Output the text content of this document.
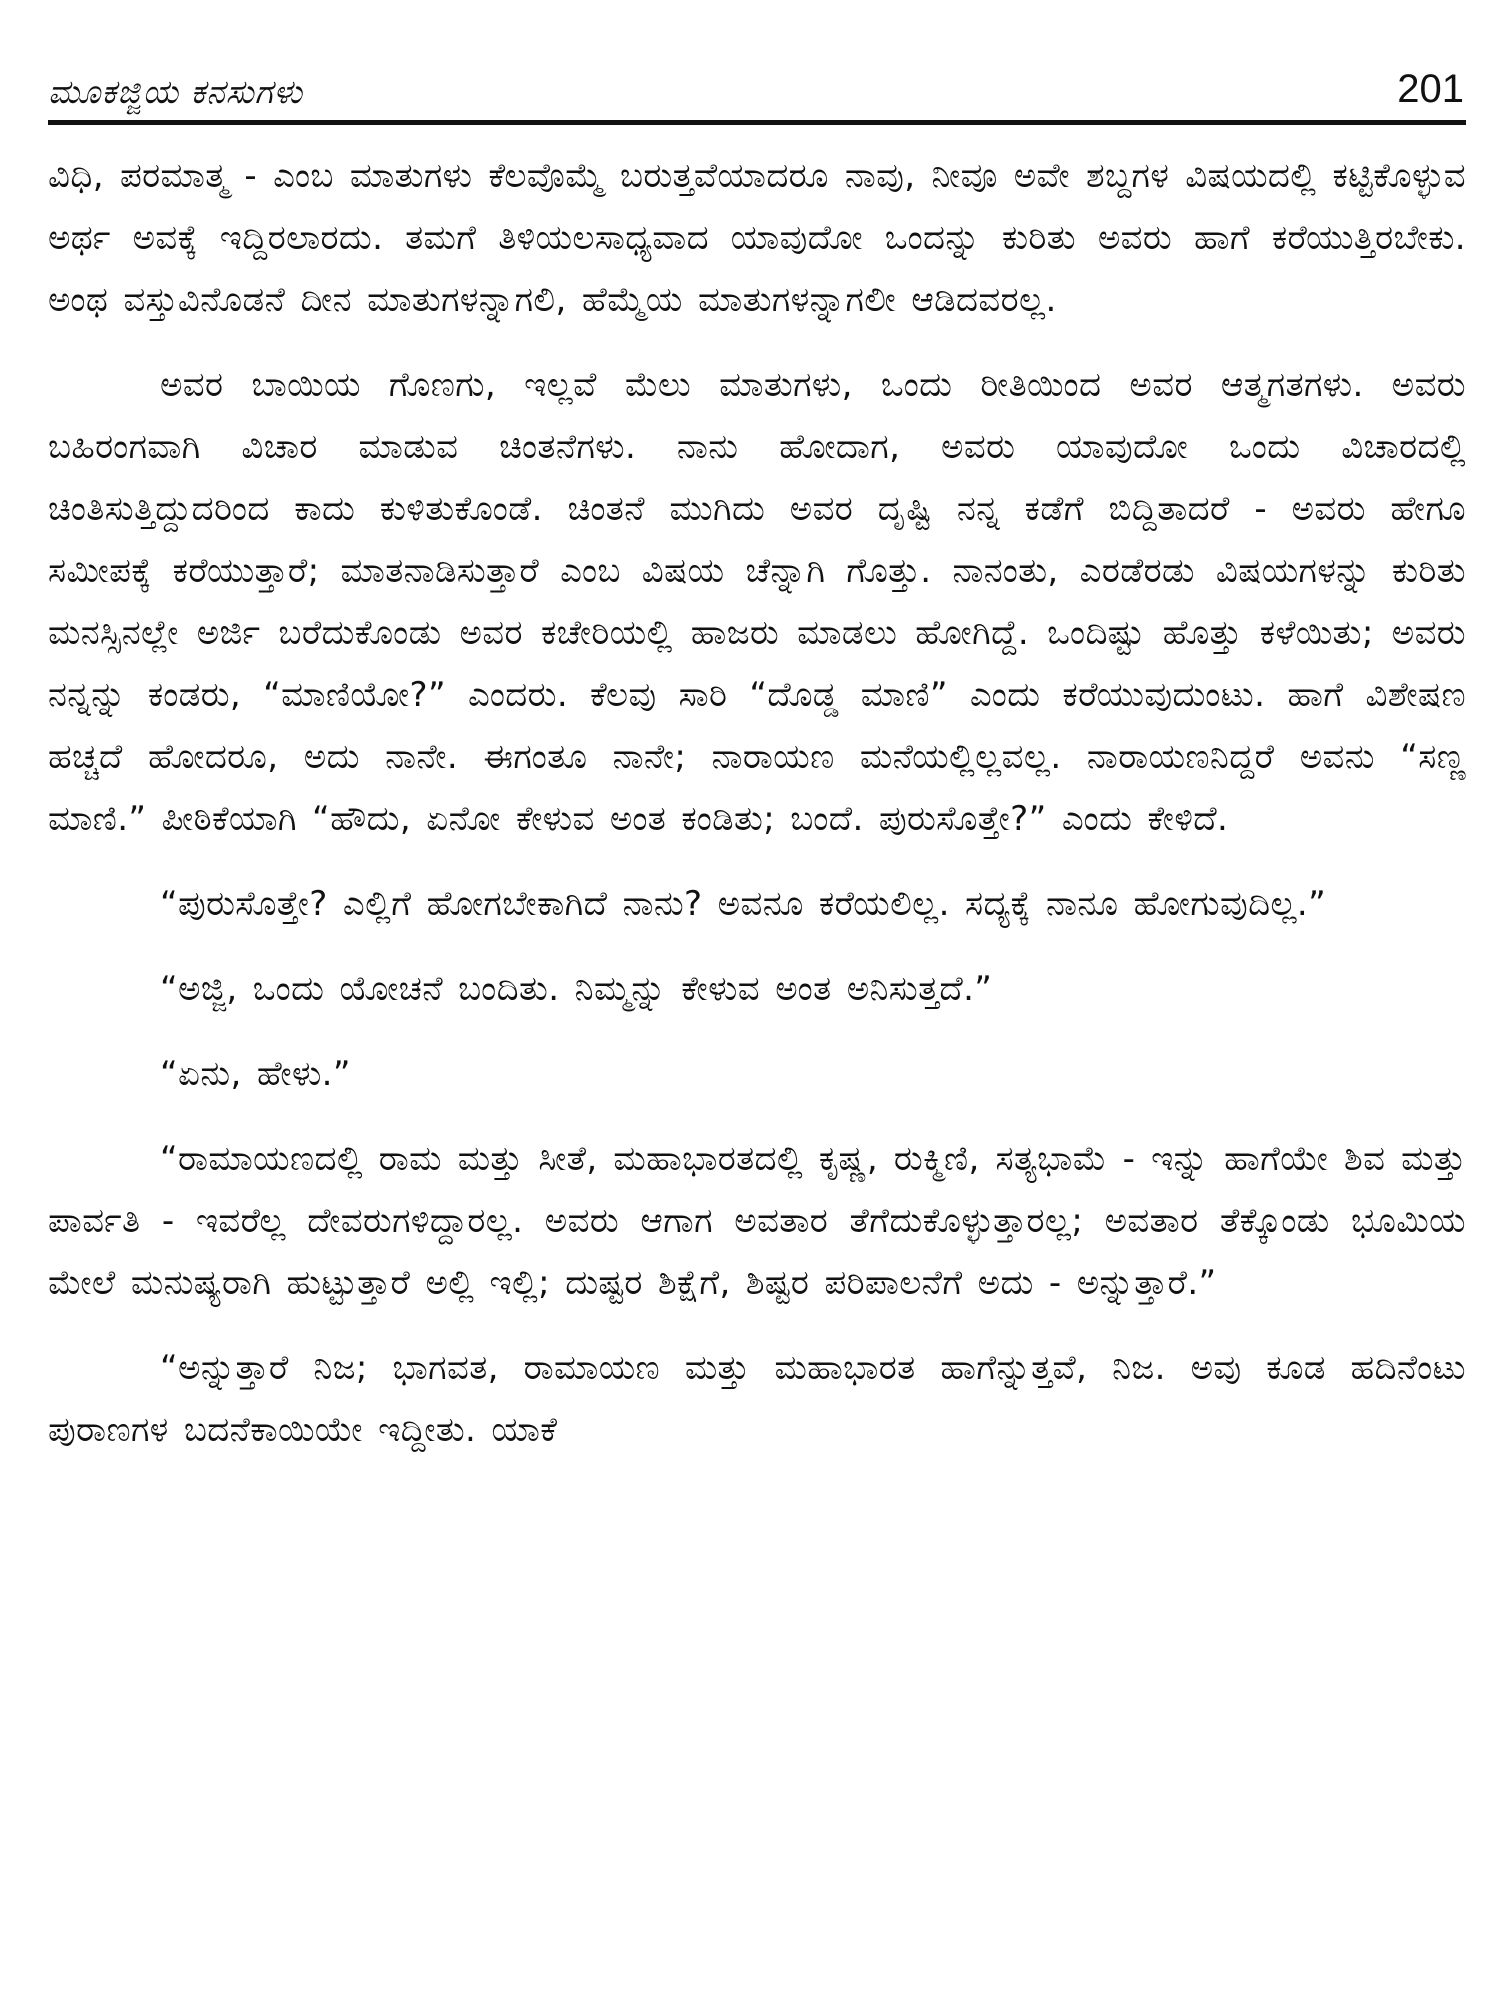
ಮೂಕಜ್ಜಿಯ ಕನಸುಗಳು	201

ವಿಧಿ, ಪರಮಾತ್ಮ - ಎಂಬ ಮಾತುಗಳು ಕೆಲವೊಮ್ಮೆ ಬರುತ್ತವೆಯಾದರೂ ನಾವು, ನೀವೂ ಅವೇ ಶಬ್ದಗಳ ವಿಷಯದಲ್ಲಿ ಕಟ್ಟಿಕೊಳ್ಳುವ ಅರ್ಥ ಅವಕ್ಕೆ ಇದ್ದಿರಲಾರದು. ತಮಗೆ ತಿಳಿಯಲಸಾಧ್ಯವಾದ ಯಾವುದೋ ಒಂದನ್ನು ಕುರಿತು ಅವರು ಹಾಗೆ ಕರೆಯುತ್ತಿರಬೇಕು. ಅಂಥ ವಸ್ತುವಿನೊಡನೆ ದೀನ ಮಾತುಗಳನ್ನಾಗಲಿ, ಹೆಮ್ಮೆಯ ಮಾತುಗಳನ್ನಾಗಲೀ ಆಡಿದವರಲ್ಲ.

ಅವರ ಬಾಯಿಯ ಗೊಣಗು, ಇಲ್ಲವೆ ಮೆಲು ಮಾತುಗಳು, ಒಂದು ರೀತಿಯಿಂದ ಅವರ ಆತ್ಮಗತಗಳು. ಅವರು ಬಹಿರಂಗವಾಗಿ ವಿಚಾರ ಮಾಡುವ ಚಿಂತನೆಗಳು. ನಾನು ಹೋದಾಗ, ಅವರು ಯಾವುದೋ ಒಂದು ವಿಚಾರದಲ್ಲಿ ಚಿಂತಿಸುತ್ತಿದ್ದುದರಿಂದ ಕಾದು ಕುಳಿತುಕೊಂಡೆ. ಚಿಂತನೆ ಮುಗಿದು ಅವರ ದೃಷ್ಟಿ ನನ್ನ ಕಡೆಗೆ ಬಿದ್ದಿತಾದರೆ - ಅವರು ಹೇಗೂ ಸಮೀಪಕ್ಕೆ ಕರೆಯುತ್ತಾರೆ; ಮಾತನಾಡಿಸುತ್ತಾರೆ ಎಂಬ ವಿಷಯ ಚೆನ್ನಾಗಿ ಗೊತ್ತು. ನಾನಂತು, ಎರಡೆರಡು ವಿಷಯಗಳನ್ನು ಕುರಿತು ಮನಸ್ಸಿನಲ್ಲೇ ಅರ್ಜಿ ಬರೆದುಕೊಂಡು ಅವರ ಕಚೇರಿಯಲ್ಲಿ ಹಾಜರು ಮಾಡಲು ಹೋಗಿದ್ದೆ. ಒಂದಿಷ್ಟು ಹೊತ್ತು ಕಳೆಯಿತು; ಅವರು ನನ್ನನ್ನು ಕಂಡರು, “ಮಾಣಿಯೋ?” ಎಂದರು. ಕೆಲವು ಸಾರಿ “ದೊಡ್ಡ ಮಾಣಿ” ಎಂದು ಕರೆಯುವುದುಂಟು. ಹಾಗೆ ವಿಶೇಷಣ ಹಚ್ಚದೆ ಹೋದರೂ, ಅದು ನಾನೇ. ಈಗಂತೂ ನಾನೇ; ನಾರಾಯಣ ಮನೆಯಲ್ಲಿಲ್ಲವಲ್ಲ. ನಾರಾಯಣನಿದ್ದರೆ ಅವನು “ಸಣ್ಣ ಮಾಣಿ.” ಪೀಠಿಕೆಯಾಗಿ “ಹೌದು, ಏನೋ ಕೇಳುವ ಅಂತ ಕಂಡಿತು; ಬಂದೆ. ಪುರುಸೊತ್ತೇ?” ಎಂದು ಕೇಳಿದೆ.

“ಪುರುಸೊತ್ತೇ? ಎಲ್ಲಿಗೆ ಹೋಗಬೇಕಾಗಿದೆ ನಾನು? ಅವನೂ ಕರೆಯಲಿಲ್ಲ. ಸದ್ಯಕ್ಕೆ ನಾನೂ ಹೋಗುವುದಿಲ್ಲ.”

“ಅಜ್ಜಿ, ಒಂದು ಯೋಚನೆ ಬಂದಿತು. ನಿಮ್ಮನ್ನು ಕೇಳುವ ಅಂತ ಅನಿಸುತ್ತದೆ.”

“ಏನು, ಹೇಳು.”

“ರಾಮಾಯಣದಲ್ಲಿ ರಾಮ ಮತ್ತು ಸೀತೆ, ಮಹಾಭಾರತದಲ್ಲಿ ಕೃಷ್ಣ, ರುಕ್ಮಿಣಿ, ಸತ್ಯಭಾಮೆ - ಇನ್ನು ಹಾಗೆಯೇ ಶಿವ ಮತ್ತು ಪಾರ್ವತಿ - ಇವರೆಲ್ಲ ದೇವರುಗಳಿದ್ದಾರಲ್ಲ. ಅವರು ಆಗಾಗ ಅವತಾರ ತೆಗೆದುಕೊಳ್ಳುತ್ತಾರಲ್ಲ; ಅವತಾರ ತೆಕ್ಕೊಂಡು ಭೂಮಿಯ ಮೇಲೆ ಮನುಷ್ಯರಾಗಿ ಹುಟ್ಟುತ್ತಾರೆ ಅಲ್ಲಿ ಇಲ್ಲಿ; ದುಷ್ಟರ ಶಿಕ್ಷೆಗೆ, ಶಿಷ್ಟರ ಪರಿಪಾಲನೆಗೆ ಅದು - ಅನ್ನುತ್ತಾರೆ.”

“ಅನ್ನುತ್ತಾರೆ ನಿಜ; ಭಾಗವತ, ರಾಮಾಯಣ ಮತ್ತು ಮಹಾಭಾರತ ಹಾಗೆನ್ನುತ್ತವೆ, ನಿಜ. ಅವು ಕೂಡ ಹದಿನೆಂಟು ಪುರಾಣಗಳ ಬದನೆಕಾಯಿಯೇ ಇದ್ದೀತು. ಯಾಕೆ
